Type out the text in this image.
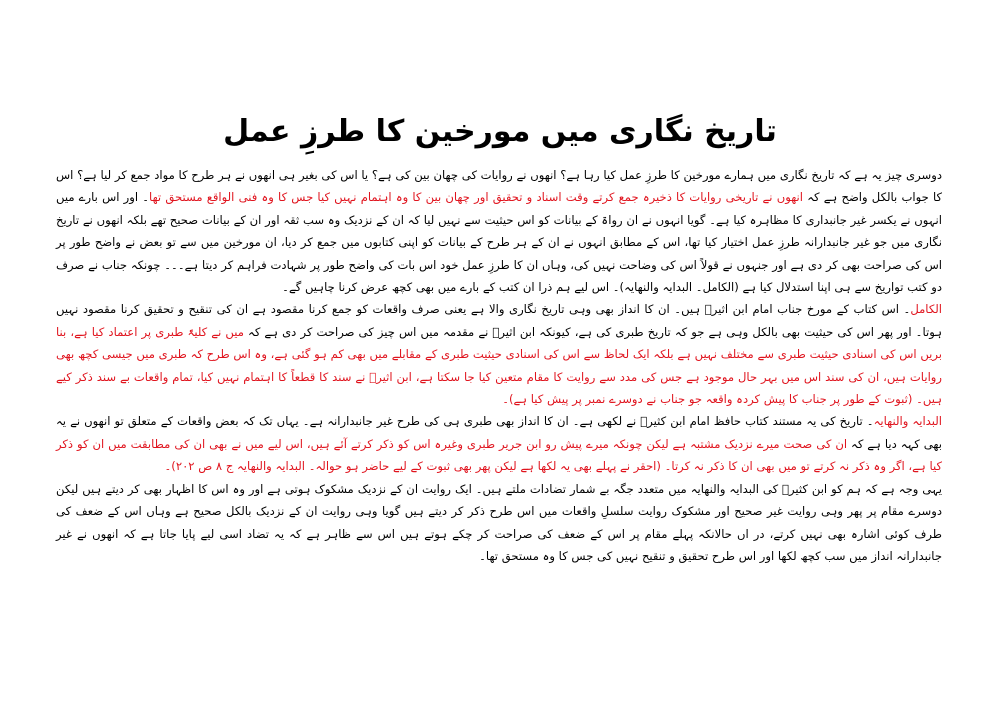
تاریخ نگاری میں مورخین کا طرزِ عمل

دوسری چیز یہ ہے کہ تاریخ نگاری میں ہمارے مورخین کا طرزِ عمل کیا رہا ہے؟ انھوں نے روایات کی چھان بین کی ہے؟ یا اس کی بغیر ہی انھوں نے ہر طرح کا مواد جمع کر لیا ہے؟ اس کا جواب بالکل واضح ہے کہ انھوں نے تاریخی روایات کا ذخیرہ جمع کرتے وقت اسناد و تحقیق اور چھان بین کا وہ اہتمام نہیں کیا جس کا وہ فنی الواقع مستحق تھا۔ اور اس بارے میں انہوں نے یکسر غیر جانبداری کا مظاہرہ کیا ہے۔ گویا انہوں نے ان رواۃ کے بیانات کو اس حیثیت سے نہیں لیا کہ ان کے نزدیک وہ سب ثقہ اور ان کے بیانات صحیح تھے بلکہ انھوں نے تاریخ نگاری میں جو غیر جانبدارانہ طرزِ عمل اختیار کیا تھا، اس کے مطابق انہوں نے ان کے ہر طرح کے بیانات کو اپنی کتابوں میں جمع کر دیا، ان مورخین میں سے تو بعض نے واضح طور پر اس کی صراحت بھی کر دی ہے اور جنہوں نے قولاً اس کی وضاحت نہیں کی، وہاں ان کا طرزِ عمل خود اس بات کی واضح طور پر شہادت فراہم کر دیتا ہے۔۔۔ چونکہ جناب نے صرف دو کتب تواریخ سے ہی اپنا استدلال کیا ہے (الکامل۔ البدایہ والنھایہ)۔ اس لیے ہم ذرا ان کتب کے بارے میں بھی کچھ عرض کرنا چاہیں گے۔

الکامل۔ اس کتاب کے مورخ جناب امام ابن اثیرؒ ہیں۔ ان کا انداز بھی وہی تاریخ نگاری والا ہے یعنی صرف واقعات کو جمع کرنا مقصود ہے ان کی تنقیح و تحقیق کرنا مقصود نہیں ہوتا۔ اور پھر اس کی حیثیت بھی بالکل وہی ہے جو کہ تاریخ طبری کی ہے، کیونکہ ابن اثیرؒ نے مقدمہ میں اس چیز کی صراحت کر دی ہے کہ میں نے کلیۃً طبری پر اعتماد کیا ہے، بنا بریں اس کی اسنادی حیثیت طبری سے مختلف نہیں ہے بلکہ ایک لحاظ سے اس کی اسنادی حیثیت طبری کے مقابلے میں بھی کم ہو گئی ہے، وہ اس طرح کہ طبری میں جیسی کچھ بھی روایات ہیں، ان کی سند اس میں بہر حال موجود ہے جس کی مدد سے روایت کا مقام متعین کیا جا سکتا ہے، ابن اثیرؒ نے سند کا قطعاً کا اہتمام نہیں کیا، تمام واقعات بے سند ذکر کیے ہیں۔ (ثبوت کے طور پر جناب کا پیش کردہ واقعہ جو جناب نے دوسرے نمبر پر پیش کیا ہے)۔

البدایہ والنھایہ۔ تاریخ کی یہ مستند کتاب حافظ امام ابن کثیرؒ نے لکھی ہے۔ ان کا انداز بھی طبری ہی کی طرح غیر جانبدارانہ ہے۔ یہاں تک کہ بعض واقعات کے متعلق تو انھوں نے یہ بھی کہہ دیا ہے کہ ان کی صحت میرے نزدیک مشتبہ ہے لیکن چونکہ میرے پیش رو ابن جریر طبری وغیرہ اس کو ذکر کرتے آئے ہیں، اس لیے میں نے بھی ان کی مطابقت میں ان کو ذکر کیا ہے، اگر وہ ذکر نہ کرتے تو میں بھی ان کا ذکر نہ کرتا۔ (احقر نے پہلے بھی یہ لکھا ہے لیکن پھر بھی ثبوت کے لیے حاضر ہو حوالہ۔ البدایہ والنھایہ ج ۸ ص ۲۰۲)۔

یہی وجہ ہے کہ ہم کو ابن کثیرؒ کی البدایہ والنھایہ میں متعدد جگہ بے شمار تضادات ملتے ہیں۔ ایک روایت ان کے نزدیک مشکوک ہوتی ہے اور وہ اس کا اظہار بھی کر دیتے ہیں لیکن دوسرے مقام پر پھر وہی روایت غیر صحیح اور مشکوک روایت سلسلِ واقعات میں اس طرح ذکر کر دیتے ہیں گویا وہی روایت ان کے نزدیک بالکل صحیح ہے وہاں اس کے ضعف کی طرف کوئی اشارہ بھی نہیں کرتے، در اں حالانکہ پہلے مقام پر اس کے ضعف کی صراحت کر چکے ہوتے ہیں اس سے ظاہر ہے کہ یہ تضاد اسی لیے پایا جاتا ہے کہ انھوں نے غیر جانبدارانہ انداز میں سب کچھ لکھا اور اس طرح تحقیق و تنقیح نہیں کی جس کا وہ مستحق تھا۔
